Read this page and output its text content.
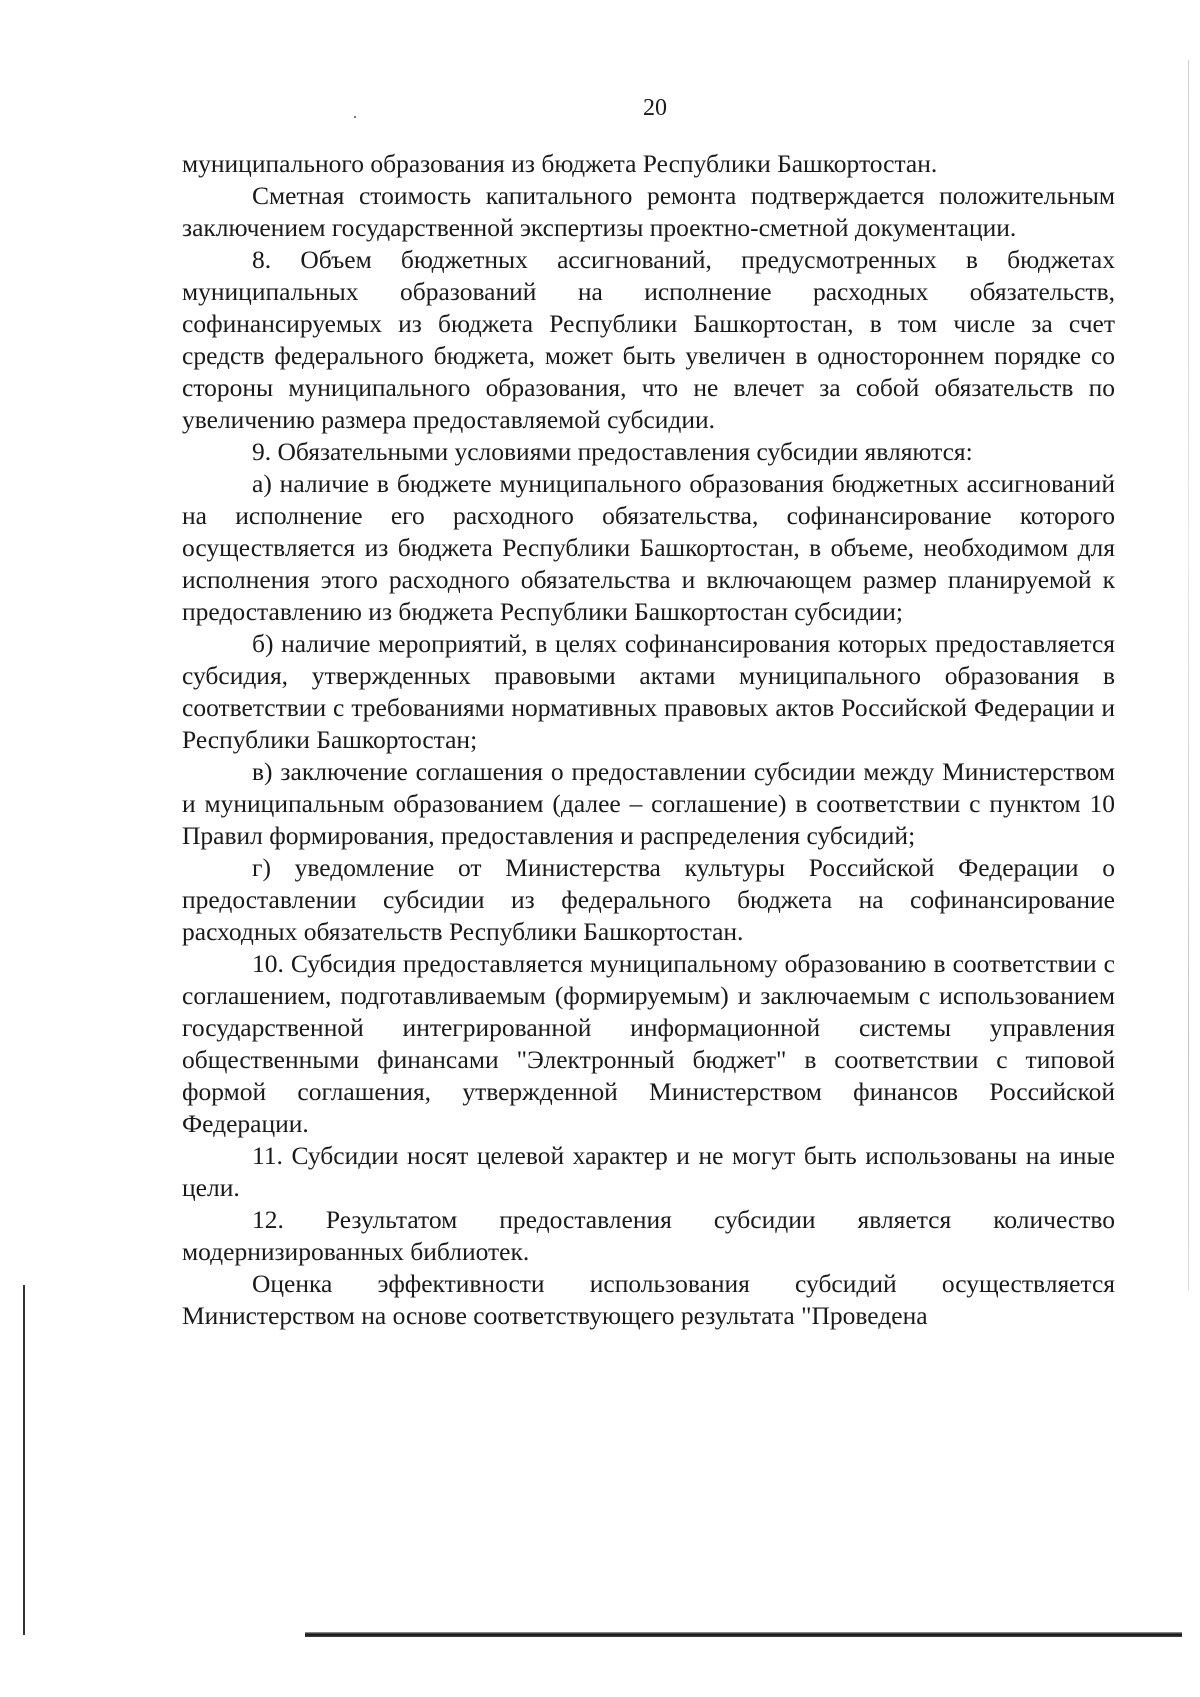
20

муниципального образования из бюджета Республики Башкортостан.

Сметная стоимость капитального ремонта подтверждается положительным заключением государственной экспертизы проектно-сметной документации.

8. Объем бюджетных ассигнований, предусмотренных в бюджетах муниципальных образований на исполнение расходных обязательств, софинансируемых из бюджета Республики Башкортостан, в том числе за счет средств федерального бюджета, может быть увеличен в одностороннем порядке со стороны муниципального образования, что не влечет за собой обязательств по увеличению размера предоставляемой субсидии.

9. Обязательными условиями предоставления субсидии являются:

а) наличие в бюджете муниципального образования бюджетных ассигнований на исполнение его расходного обязательства, софинансирование которого осуществляется из бюджета Республики Башкортостан, в объеме, необходимом для исполнения этого расходного обязательства и включающем размер планируемой к предоставлению из бюджета Республики Башкортостан субсидии;

б) наличие мероприятий, в целях софинансирования которых предоставляется субсидия, утвержденных правовыми актами муниципального образования в соответствии с требованиями нормативных правовых актов Российской Федерации и Республики Башкортостан;

в) заключение соглашения о предоставлении субсидии между Министерством и муниципальным образованием (далее – соглашение) в соответствии с пунктом 10 Правил формирования, предоставления и распределения субсидий;

г) уведомление от Министерства культуры Российской Федерации о предоставлении субсидии из федерального бюджета на софинансирование расходных обязательств Республики Башкортостан.

10. Субсидия предоставляется муниципальному образованию в соответствии с соглашением, подготавливаемым (формируемым) и заключаемым с использованием государственной интегрированной информационной системы управления общественными финансами "Электронный бюджет" в соответствии с типовой формой соглашения, утвержденной Министерством финансов Российской Федерации.

11. Субсидии носят целевой характер и не могут быть использованы на иные цели.

12. Результатом предоставления субсидии является количество модернизированных библиотек.

Оценка эффективности использования субсидий осуществляется Министерством на основе соответствующего результата "Проведена
